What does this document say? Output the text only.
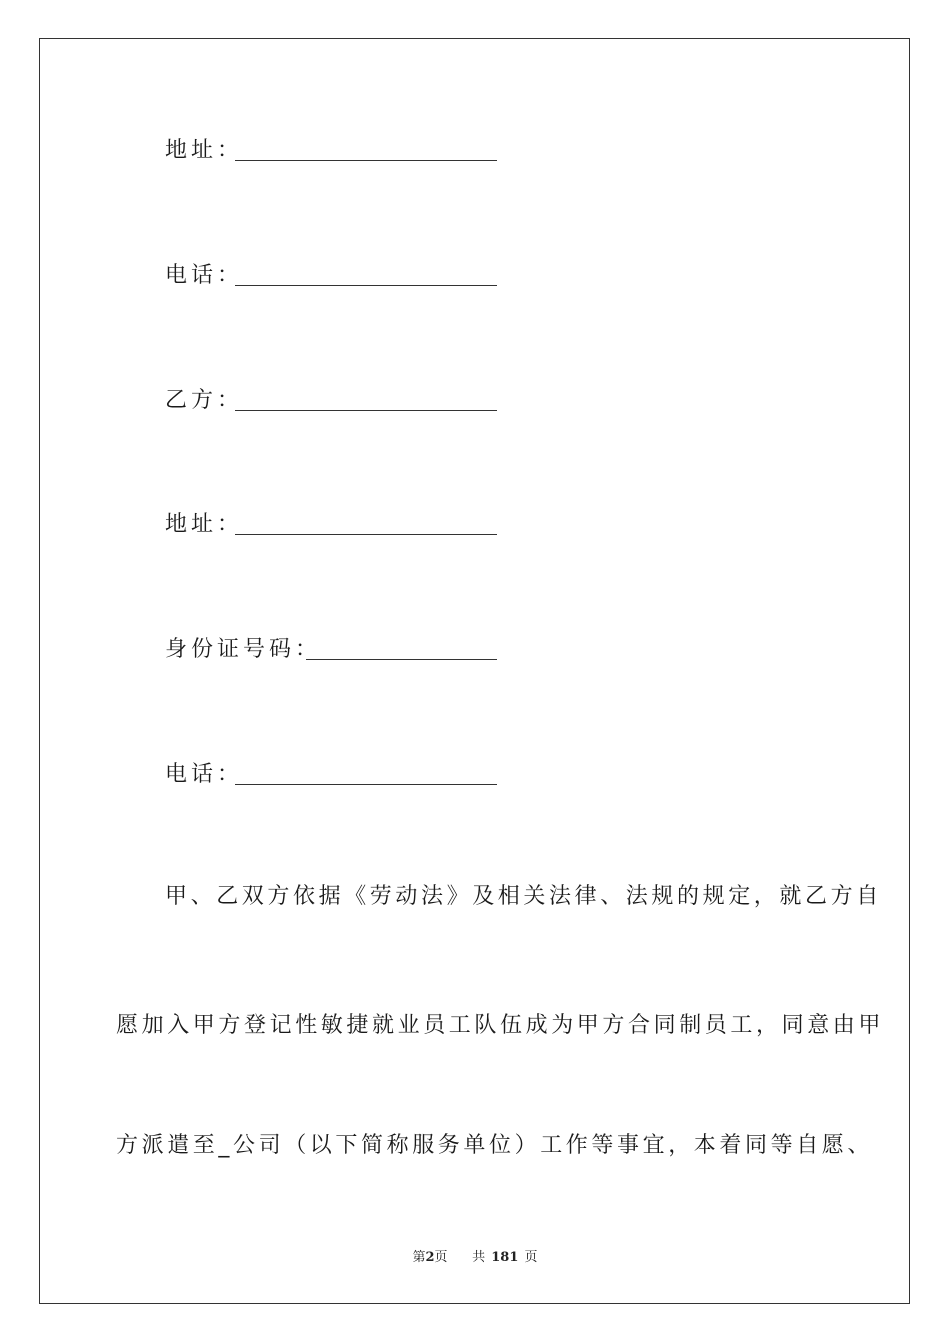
地址：
电话：
乙方：
地址：
身份证号码：
电话：
甲、乙双方依据《劳动法》及相关法律、法规的规定，就乙方自
愿加入甲方登记性敏捷就业员工队伍成为甲方合同制员工，同意由甲
方派遣至_公司（以下简称服务单位）工作等事宜，本着同等自愿、
第2页 共 181 页
